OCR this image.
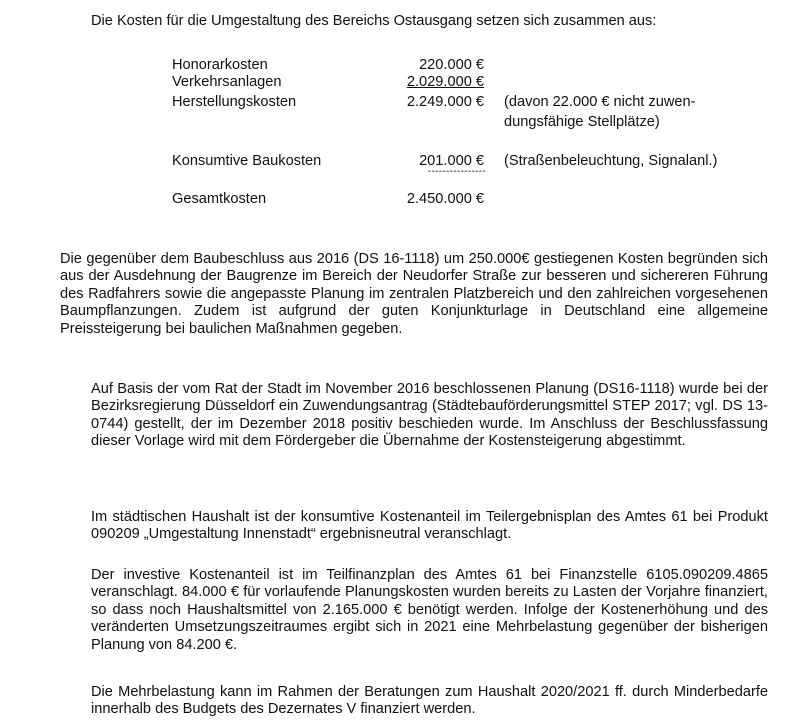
Die Kosten für die Umgestaltung des Bereichs Ostausgang setzen sich zusammen aus:
Honorarkosten	220.000 €
Verkehrsanlagen	2.029.000 €
Herstellungskosten	2.249.000 € (davon 22.000 € nicht zuwen-
dungsfähige Stellplätze)
Konsumtive Baukosten	201.000 € (Straßenbeleuchtung, Signalanl.)
----------------
Gesamtkosten	2.450.000 €
Die gegenüber dem Baubeschluss aus 2016 (DS 16-1118) um 250.000€ gestiegenen Kosten begründen sich aus der Ausdehnung der Baugrenze im Bereich der Neudorfer Straße zur besseren und sichereren Führung des Radfahrers sowie die angepasste Planung im zentralen Platzbereich und den zahlreichen vorgesehenen Baumpflanzungen. Zudem ist aufgrund der guten Konjunkturlage in Deutschland eine allgemeine Preissteigerung bei baulichen Maßnahmen gegeben.
Auf Basis der vom Rat der Stadt im November 2016 beschlossenen Planung (DS16-1118) wurde bei der Bezirksregierung Düsseldorf ein Zuwendungsantrag (Städtebauförderungsmittel STEP 2017; vgl. DS 13-0744) gestellt, der im Dezember 2018 positiv beschieden wurde. Im Anschluss der Beschlussfassung dieser Vorlage wird mit dem Fördergeber die Übernahme der Kostensteigerung abgestimmt.
Im städtischen Haushalt ist der konsumtive Kostenanteil im Teilergebnisplan des Amtes 61 bei Produkt 090209 „Umgestaltung Innenstadt“ ergebnisneutral veranschlagt.
Der investive Kostenanteil ist im Teilfinanzplan des Amtes 61 bei Finanzstelle 6105.090209.4865 veranschlagt. 84.000 € für vorlaufende Planungskosten wurden bereits zu Lasten der Vorjahre finanziert, so dass noch Haushaltsmittel von 2.165.000 € benötigt werden. Infolge der Kostenerhöhung und des veränderten Umsetzungszeitraumes ergibt sich in 2021 eine Mehrbelastung gegenüber der bisherigen Planung von 84.200 €.
Die Mehrbelastung kann im Rahmen der Beratungen zum Haushalt 2020/2021 ff. durch Minderbedarfe innerhalb des Budgets des Dezernates V finanziert werden.
